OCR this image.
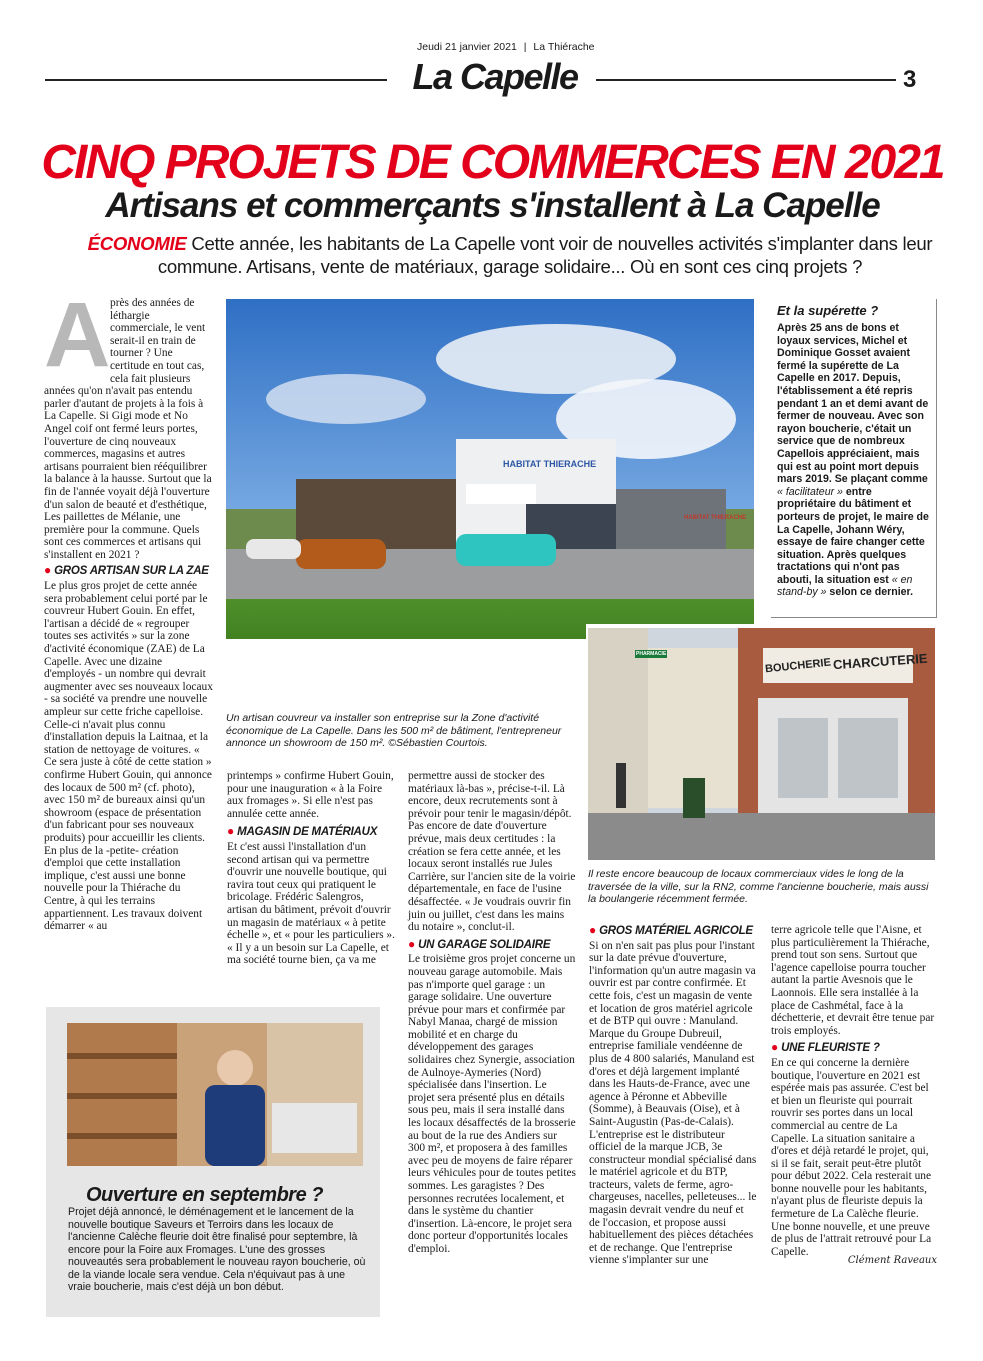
Jeudi 21 janvier 2021 | La Thiérache
La Capelle	3
CINQ PROJETS DE COMMERCES EN 2021
Artisans et commerçants s'installent à La Capelle
ÉCONOMIE Cette année, les habitants de La Capelle vont voir de nouvelles activités s'implanter dans leur commune. Artisans, vente de matériaux, garage solidaire... Où en sont ces cinq projets ?
A près des années de léthargie commerciale, le vent serait-il en train de tourner ? Une certitude en tout cas, cela fait plusieurs années qu'on n'avait pas entendu parler d'autant de projets à la fois à La Capelle. Si Gigi mode et No Angel coif ont fermé leurs portes, l'ouverture de cinq nouveaux commerces, magasins et autres artisans pourraient bien rééquilibrer la balance à la hausse. Surtout que la fin de l'année voyait déjà l'ouverture d'un salon de beauté et d'esthétique, Les paillettes de Mélanie, une première pour la commune. Quels sont ces commerces et artisans qui s'installent en 2021 ?

● GROS ARTISAN SUR LA ZAE

Le plus gros projet de cette année sera probablement celui porté par le couvreur Hubert Gouin. En effet, l'artisan a décidé de « regrouper toutes ses activités » sur la zone d'activité économique (ZAE) de La Capelle. Avec une dizaine d'employés - un nombre qui devrait augmenter avec ses nouveaux locaux - sa société va prendre une nouvelle ampleur sur cette friche capelloise. Celle-ci n'avait plus connu d'installation depuis la Laitnaa, et la station de nettoyage de voitures. « Ce sera juste à côté de cette station » confirme Hubert Gouin, qui annonce des locaux de 500 m² (cf. photo), avec 150 m² de bureaux ainsi qu'un showroom (espace de présentation d'un fabricant pour ses nouveaux produits) pour accueillir les clients. En plus de la -petite- création d'emploi que cette installation implique, c'est aussi une bonne nouvelle pour la Thiérache du Centre, à qui les terrains appartiennent. Les travaux doivent démarrer « au

HABITAT THIERACHE
HABITAT THIERACHE
Un artisan couvreur va installer son entreprise sur la Zone d'activité économique de La Capelle. Dans les 500 m² de bâtiment, l'entrepreneur annonce un showroom de 150 m². ©Sébastien Courtois.
Et la supérette ?
Après 25 ans de bons et loyaux services, Michel et Dominique Gosset avaient fermé la supérette de La Capelle en 2017. Depuis, l'établissement a été repris pendant 1 an et demi avant de fermer de nouveau. Avec son rayon boucherie, c'était un service que de nombreux Capellois appréciaient, mais qui est au point mort depuis mars 2019. Se plaçant comme « facilitateur » entre propriétaire du bâtiment et porteurs de projet, le maire de La Capelle, Johann Wéry, essaye de faire changer cette situation. Après quelques tractations qui n'ont pas abouti, la situation est « en stand-by » selon ce dernier.
BOUCHERIE CHARCUTERIE
PHARMACIE
Il reste encore beaucoup de locaux commerciaux vides le long de la traversée de la ville, sur la RN2, comme l'ancienne boucherie, mais aussi la boulangerie récemment fermée.

printemps » confirme Hubert Gouin, pour une inauguration « à la Foire aux fromages ». Si elle n'est pas annulée cette année.

● MAGASIN DE MATÉRIAUX

Et c'est aussi l'installation d'un second artisan qui va permettre d'ouvrir une nouvelle boutique, qui ravira tout ceux qui pratiquent le bricolage. Frédéric Salengros, artisan du bâtiment, prévoit d'ouvrir un magasin de matériaux « à petite échelle », et « pour les particuliers ». « Il y a un besoin sur La Capelle, et ma société tourne bien, ça va me

permettre aussi de stocker des matériaux là-bas », précise-t-il. Là encore, deux recrutements sont à prévoir pour tenir le magasin/dépôt. Pas encore de date d'ouverture prévue, mais deux certitudes : la création se fera cette année, et les locaux seront installés rue Jules Carrière, sur l'ancien site de la voirie départementale, en face de l'usine désaffectée. « Je voudrais ouvrir fin juin ou juillet, c'est dans les mains du notaire », conclut-il.

● UN GARAGE SOLIDAIRE

Le troisième gros projet concerne un nouveau garage automobile. Mais pas n'importe quel garage : un garage solidaire. Une ouverture prévue pour mars et confirmée par Nabyl Manaa, chargé de mission mobilité et en charge du développement des garages solidaires chez Synergie, association de Aulnoye-Aymeries (Nord) spécialisée dans l'insertion. Le projet sera présenté plus en détails sous peu, mais il sera installé dans les locaux désaffectés de la brosserie au bout de la rue des Andiers sur 300 m², et proposera à des familles avec peu de moyens de faire réparer leurs véhicules pour de toutes petites sommes. Les garagistes ? Des personnes recrutées localement, et dans le système du chantier d'insertion. Là-encore, le projet sera donc porteur d'opportunités locales d'emploi.

● GROS MATÉRIEL AGRICOLE

Si on n'en sait pas plus pour l'instant sur la date prévue d'ouverture, l'information qu'un autre magasin va ouvrir est par contre confirmée. Et cette fois, c'est un magasin de vente et location de gros matériel agricole et de BTP qui ouvre : Manuland. Marque du Groupe Dubreuil, entreprise familiale vendéenne de plus de 4 800 salariés, Manuland est d'ores et déjà largement implanté dans les Hauts-de-France, avec une agence à Péronne et Abbeville (Somme), à Beauvais (Oise), et à Saint-Augustin (Pas-de-Calais). L'entreprise est le distributeur officiel de la marque JCB, 3e constructeur mondial spécialisé dans le matériel agricole et du BTP, tracteurs, valets de ferme, agro-chargeuses, nacelles, pelleteuses... le magasin devrait vendre du neuf et de l'occasion, et propose aussi habituellement des pièces détachées et de rechange. Que l'entreprise vienne s'implanter sur une

terre agricole telle que l'Aisne, et plus particulièrement la Thiérache, prend tout son sens. Surtout que l'agence capelloise pourra toucher autant la partie Avesnois que le Laonnois. Elle sera installée à la place de Cashmétal, face à la déchetterie, et devrait être tenue par trois employés.

● UNE FLEURISTE ?

En ce qui concerne la dernière boutique, l'ouverture en 2021 est espérée mais pas assurée. C'est bel et bien un fleuriste qui pourrait rouvrir ses portes dans un local commercial au centre de La Capelle. La situation sanitaire a d'ores et déjà retardé le projet, qui, si il se fait, serait peut-être plutôt pour début 2022. Cela resterait une bonne nouvelle pour les habitants, n'ayant plus de fleuriste depuis la fermeture de La Calèche fleurie. Une bonne nouvelle, et une preuve de plus de l'attrait retrouvé pour La Capelle.

Clément Raveaux
Ouverture en septembre ?
Projet déjà annoncé, le déménagement et le lancement de la nouvelle boutique Saveurs et Terroirs dans les locaux de l'ancienne Calèche fleurie doit être finalisé pour septembre, là encore pour la Foire aux Fromages. L'une des grosses nouveautés sera probablement le nouveau rayon boucherie, où de la viande locale sera vendue. Cela n'équivaut pas à une vraie boucherie, mais c'est déjà un bon début.
